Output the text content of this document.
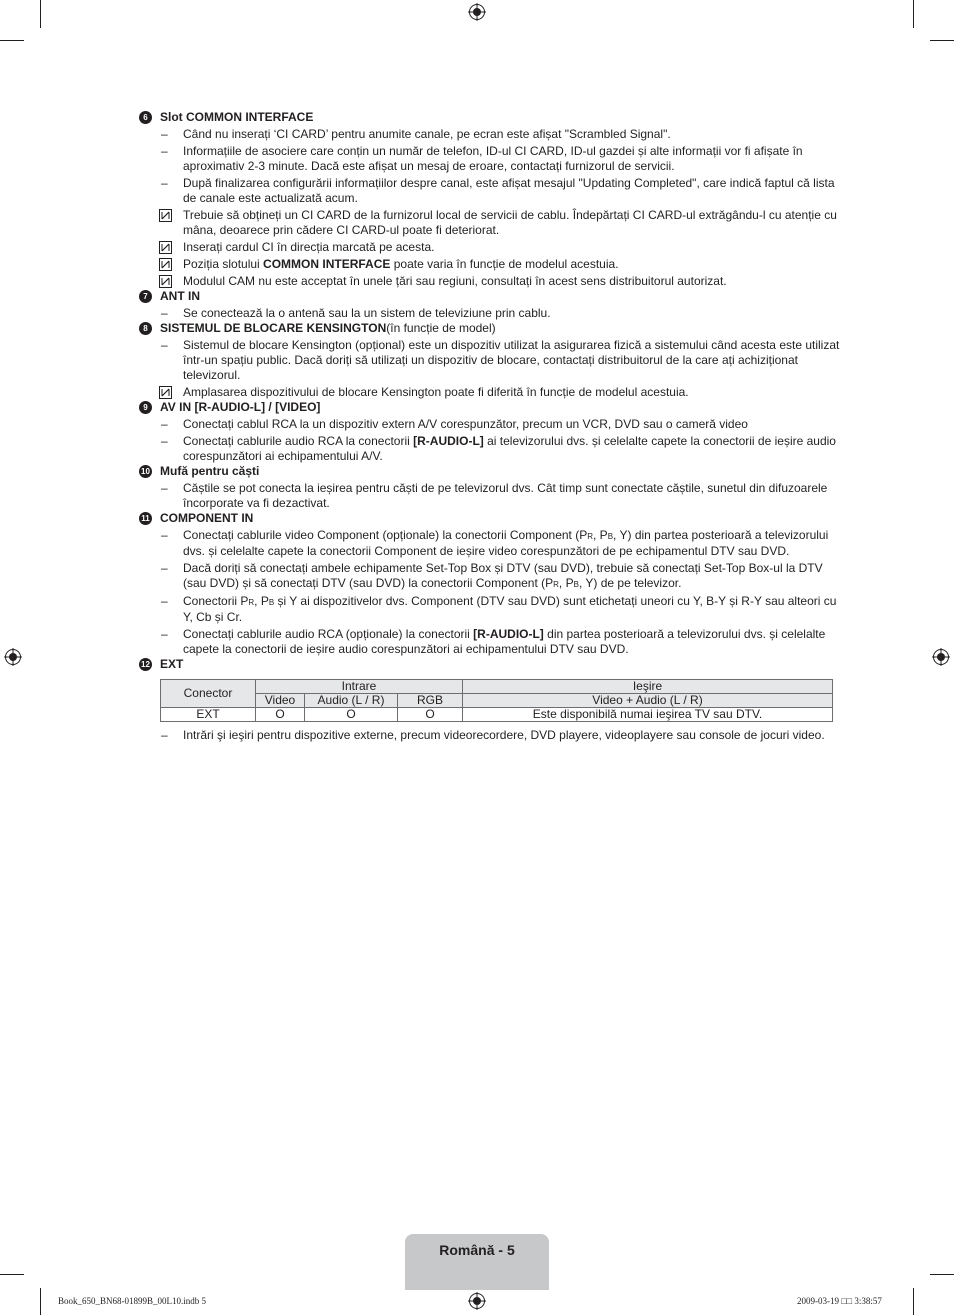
6	Slot COMMON INTERFACE
–	Când nu inserați ‘CI CARD’ pentru anumite canale, pe ecran este afișat "Scrambled Signal".
–	Informațiile de asociere care conțin un număr de telefon, ID-ul CI CARD, ID-ul gazdei și alte informații vor fi afișate în aproximativ 2-3 minute. Dacă este afișat un mesaj de eroare, contactați furnizorul de servicii.
–	După finalizarea configurării informațiilor despre canal, este afișat mesajul "Updating Completed", care indică faptul că lista de canale este actualizată acum.
Trebuie să obțineți un CI CARD de la furnizorul local de servicii de cablu. Îndepărtați CI CARD-ul extrăgându-l cu atenție cu mâna, deoarece prin cădere CI CARD-ul poate fi deteriorat.
Inserați cardul CI în direcția marcată pe acesta.
Poziția slotului COMMON INTERFACE poate varia în funcție de modelul acestuia.
Modulul CAM nu este acceptat în unele țări sau regiuni, consultați în acest sens distribuitorul autorizat.
7	ANT IN
–	Se conectează la o antenă sau la un sistem de televiziune prin cablu.
8	SISTEMUL DE BLOCARE KENSINGTON (în funcție de model)
–	Sistemul de blocare Kensington (opțional) este un dispozitiv utilizat la asigurarea fizică a sistemului când acesta este utilizat într-un spațiu public. Dacă doriți să utilizați un dispozitiv de blocare, contactați distribuitorul de la care ați achiziționat televizorul.
Amplasarea dispozitivului de blocare Kensington poate fi diferită în funcție de modelul acestuia.
9	AV IN [R-AUDIO-L] / [VIDEO]
–	Conectați cablul RCA la un dispozitiv extern A/V corespunzător, precum un VCR, DVD sau o cameră video
–	Conectați cablurile audio RCA la conectorii [R-AUDIO-L] ai televizorului dvs. și celelalte capete la conectorii de ieșire audio corespunzători ai echipamentului A/V.
10 Mufă pentru căști
–	Căștile se pot conecta la ieșirea pentru căști de pe televizorul dvs. Cât timp sunt conectate căștile, sunetul din difuzoarele încorporate va fi dezactivat.
11 COMPONENT IN
–	Conectați cablurile video Component (opționale) la conectorii Component (PR, PB, Y) din partea posterioară a televizorului dvs. și celelalte capete la conectorii Component de ieșire video corespunzători de pe echipamentul DTV sau DVD.
–	Dacă doriți să conectați ambele echipamente Set-Top Box și DTV (sau DVD), trebuie să conectați Set-Top Box-ul la DTV (sau DVD) și să conectați DTV (sau DVD) la conectorii Component (PR, PB, Y) de pe televizor.
–	Conectorii PR, PB și Y ai dispozitivelor dvs. Component (DTV sau DVD) sunt etichetați uneori cu Y, B-Y și R-Y sau alteori cu Y, Cb și Cr.
–	Conectați cablurile audio RCA (opționale) la conectorii [R-AUDIO-L] din partea posterioară a televizorului dvs. și celelalte capete la conectorii de ieșire audio corespunzători ai echipamentului DTV sau DVD.
12 EXT
Conector	Intrare			Ieşire
	Video	Audio (L / R)	RGB	Video + Audio (L / R)
EXT	O	O	O	Este disponibilă numai ieşirea TV sau DTV.
–	Intrări şi ieşiri pentru dispozitive externe, precum videorecordere, DVD playere, videoplayere sau console de jocuri video.
Română - 5
Book_650_BN68-01899B_00L10.indb 5	2009-03-19 □□ 3:38:57
